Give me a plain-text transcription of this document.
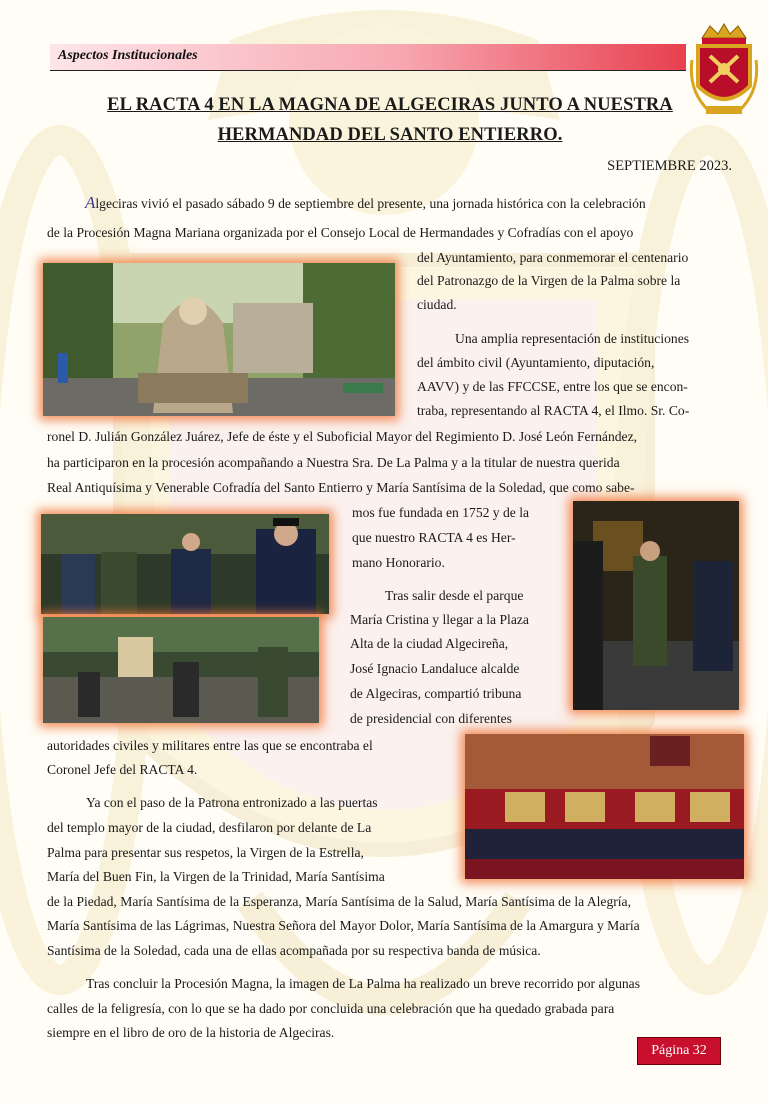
Aspectos Institucionales
EL RACTA 4 EN LA MAGNA DE ALGECIRAS JUNTO A NUESTRA
HERMANDAD DEL SANTO ENTIERRO.
SEPTIEMBRE 2023.
Algeciras vivió el pasado sábado 9 de septiembre del presente, una jornada histórica con la celebración
de la Procesión Magna Mariana organizada por el Consejo Local de Hermandades y Cofradías con el apoyo
del Ayuntamiento, para conmemorar el centenario
del Patronazgo de la Virgen de la Palma sobre la
ciudad.
Una amplia representación de instituciones
del ámbito civil (Ayuntamiento, diputación,
AAVV) y de las FFCCSE, entre los que se encon-
traba, representando al RACTA 4, el Ilmo. Sr. Co-
ronel D. Julián González Juárez, Jefe de éste y el Suboficial Mayor del Regimiento D. José León Fernández,
ha participaron en la procesión acompañando a Nuestra Sra. De La Palma y a la titular de nuestra querida
Real Antiquísima y Venerable Cofradía del Santo Entierro y María Santísima de la Soledad, que como sabe-
mos fue fundada en 1752 y de la
que nuestro RACTA 4 es Her-
mano Honorario.
Tras salir desde el parque
María Cristina y llegar a la Plaza
Alta de la ciudad Algecireña,
José Ignacio Landaluce alcalde
de Algeciras, compartió tribuna
de presidencial con diferentes
autoridades civiles y militares entre las que se encontraba el
Coronel Jefe del RACTA 4.
Ya con el paso de la Patrona entronizado a las puertas
del templo mayor de la ciudad, desfilaron por delante de La
Palma para presentar sus respetos, la Virgen de la Estrella,
María del Buen Fin, la Virgen de la Trinidad, María Santísima
de la Piedad, María Santísima de la Esperanza, María Santísima de la Salud, María Santísima de la Alegría,
María Santísima de las Lágrimas, Nuestra Señora del Mayor Dolor, María Santísima de la Amargura y María
Santísima de la Soledad, cada una de ellas acompañada por su respectiva banda de música.
Tras concluir la Procesión Magna, la imagen de La Palma ha realizado un breve recorrido por algunas
calles de la feligresía, con lo que se ha dado por concluida una celebración que ha quedado grabada para
siempre en el libro de oro de la historia de Algeciras.
Página 32
